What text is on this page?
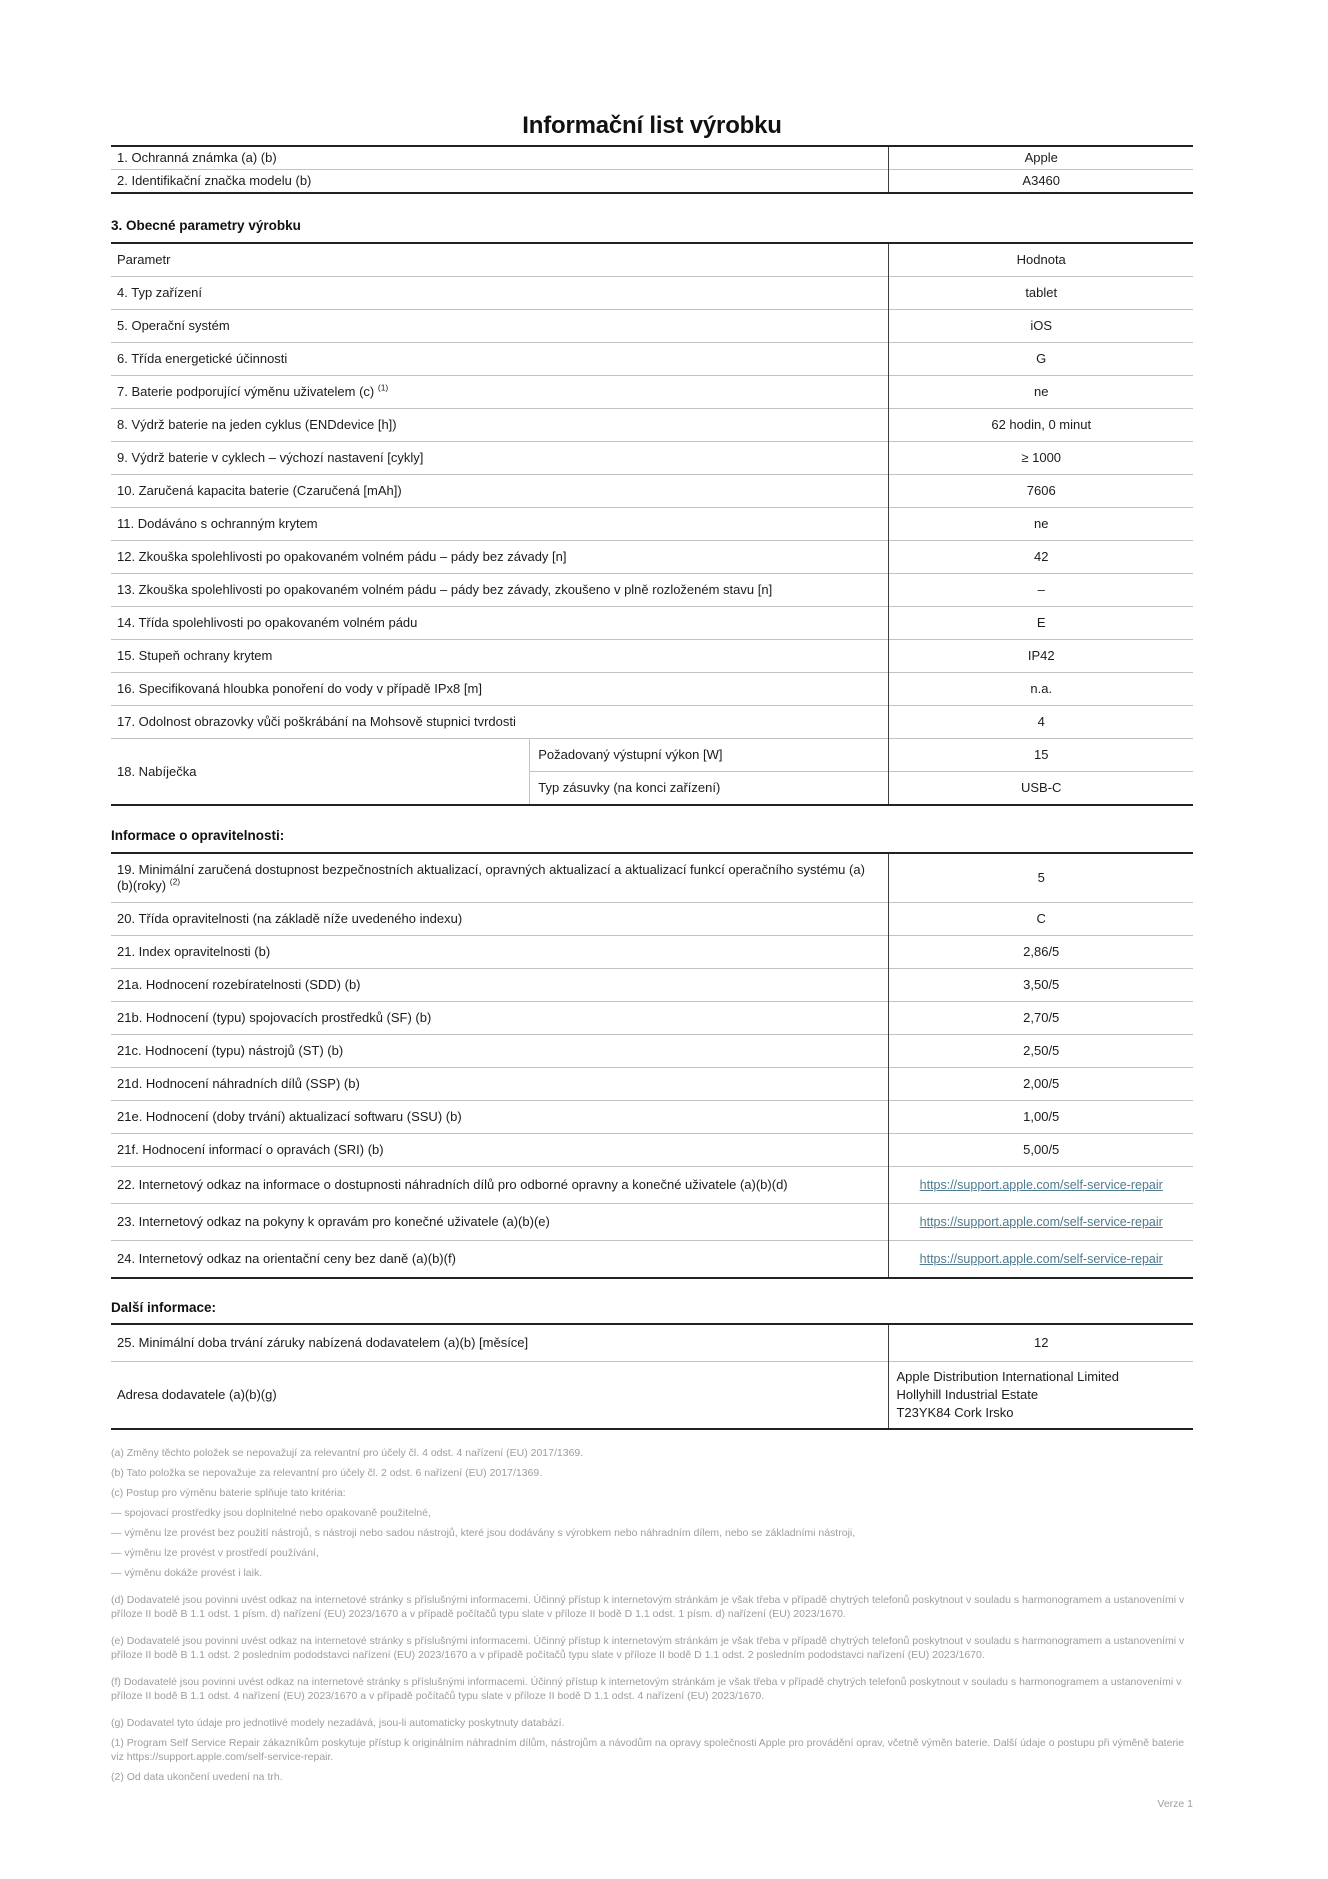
Informační list výrobku
1. Ochranná známka (a) (b)	Apple
2. Identifikační značka modelu (b)	A3460

3. Obecné parametry výrobku

Parametr		Hodnota
4. Typ zařízení		tablet
5. Operační systém		iOS
6. Třída energetické účinnosti		G
7. Baterie podporující výměnu uživatelem (c) $^{(1)}$		ne
8. Výdrž baterie na jeden cyklus (ENDdevice [h])		62 hodin, 0 minut
9. Výdrž baterie v cyklech – výchozí nastavení [cykly]		≥ 1000
10. Zaručená kapacita baterie (Czaručená [mAh])		7606
11. Dodáváno s ochranným krytem		ne
12. Zkouška spolehlivosti po opakovaném volném pádu – pády bez závady [n]		42
13. Zkouška spolehlivosti po opakovaném volném pádu – pády bez závady, zkoušeno v plně rozloženém stavu [n]		–
14. Třída spolehlivosti po opakovaném volném pádu		E
15. Stupeň ochrany krytem		IP42
16. Specifikovaná hloubka ponoření do vody v případě IPx8 [m]		n.a.
17. Odolnost obrazovky vůči poškrábání na Mohsově stupnici tvrdosti		4
18. Nabíječka	Požadovaný výstupní výkon [W]	15
	Typ zásuvky (na konci zařízení)	USB-C

Informace o opravitelnosti:

19. Minimální zaručená dostupnost bezpečnostních aktualizací, opravných aktualizací a aktualizací funkcí operačního systému (a)(b)(roky) $^{(2)}$	5
20. Třída opravitelnosti (na základě níže uvedeného indexu)	C
21. Index opravitelnosti (b)	2,86/5
21a. Hodnocení rozebíratelnosti (SDD) (b)	3,50/5
21b. Hodnocení (typu) spojovacích prostředků (SF) (b)	2,70/5
21c. Hodnocení (typu) nástrojů (ST) (b)	2,50/5
21d. Hodnocení náhradních dílů (SSP) (b)	2,00/5
21e. Hodnocení (doby trvání) aktualizací softwaru (SSU) (b)	1,00/5
21f. Hodnocení informací o opravách (SRI) (b)	5,00/5
22. Internetový odkaz na informace o dostupnosti náhradních dílů pro odborné opravny a konečné uživatele (a)(b)(d)	https://support.apple.com/self-service-repair
23. Internetový odkaz na pokyny k opravám pro konečné uživatele (a)(b)(e)	https://support.apple.com/self-service-repair
24. Internetový odkaz na orientační ceny bez daně (a)(b)(f)	https://support.apple.com/self-service-repair

Další informace:

25. Minimální doba trvání záruky nabízená dodavatelem (a)(b) [měsíce]	12
Adresa dodavatele (a)(b)(g)	Apple Distribution International Limited
Hollyhill Industrial Estate
T23YK84 Cork Irsko

(a) Změny těchto položek se nepovažují za relevantní pro účely čl. 4 odst. 4 nařízení (EU) 2017/1369.

(b) Tato položka se nepovažuje za relevantní pro účely čl. 2 odst. 6 nařízení (EU) 2017/1369.

(c) Postup pro výměnu baterie splňuje tato kritéria:

— spojovací prostředky jsou doplnitelné nebo opakovaně použitelné,

— výměnu lze provést bez použití nástrojů, s nástroji nebo sadou nástrojů, které jsou dodávány s výrobkem nebo náhradním dílem, nebo se základními nástroji,

— výměnu lze provést v prostředí používání,

— výměnu dokáže provést i laik.

(d) Dodavatelé jsou povinni uvést odkaz na internetové stránky s příslušnými informacemi. Účinný přístup k internetovým stránkám je však třeba v případě chytrých telefonů poskytnout v souladu s harmonogramem a ustanoveními v příloze II bodě B 1.1 odst. 1 písm. d) nařízení (EU) 2023/1670 a v případě počítačů typu slate v příloze II bodě D 1.1 odst. 1 písm. d) nařízení (EU) 2023/1670.

(e) Dodavatelé jsou povinni uvést odkaz na internetové stránky s příslušnými informacemi. Účinný přístup k internetovým stránkám je však třeba v případě chytrých telefonů poskytnout v souladu s harmonogramem a ustanoveními v příloze II bodě B 1.1 odst. 2 posledním pododstavci nařízení (EU) 2023/1670 a v případě počítačů typu slate v příloze II bodě D 1.1 odst. 2 posledním pododstavci nařízení (EU) 2023/1670.

(f) Dodavatelé jsou povinni uvést odkaz na internetové stránky s příslušnými informacemi. Účinný přístup k internetovým stránkám je však třeba v případě chytrých telefonů poskytnout v souladu s harmonogramem a ustanoveními v příloze II bodě B 1.1 odst. 4 nařízení (EU) 2023/1670 a v případě počítačů typu slate v příloze II bodě D 1.1 odst. 4 nařízení (EU) 2023/1670.

(g) Dodavatel tyto údaje pro jednotlivé modely nezadává, jsou-li automaticky poskytnuty databází.

(1) Program Self Service Repair zákazníkům poskytuje přístup k originálním náhradním dílům, nástrojům a návodům na opravy společnosti Apple pro provádění oprav, včetně výměn baterie. Další údaje o postupu při výměně baterie viz https://support.apple.com/self-service-repair.

(2) Od data ukončení uvedení na trh.

Verze 1
